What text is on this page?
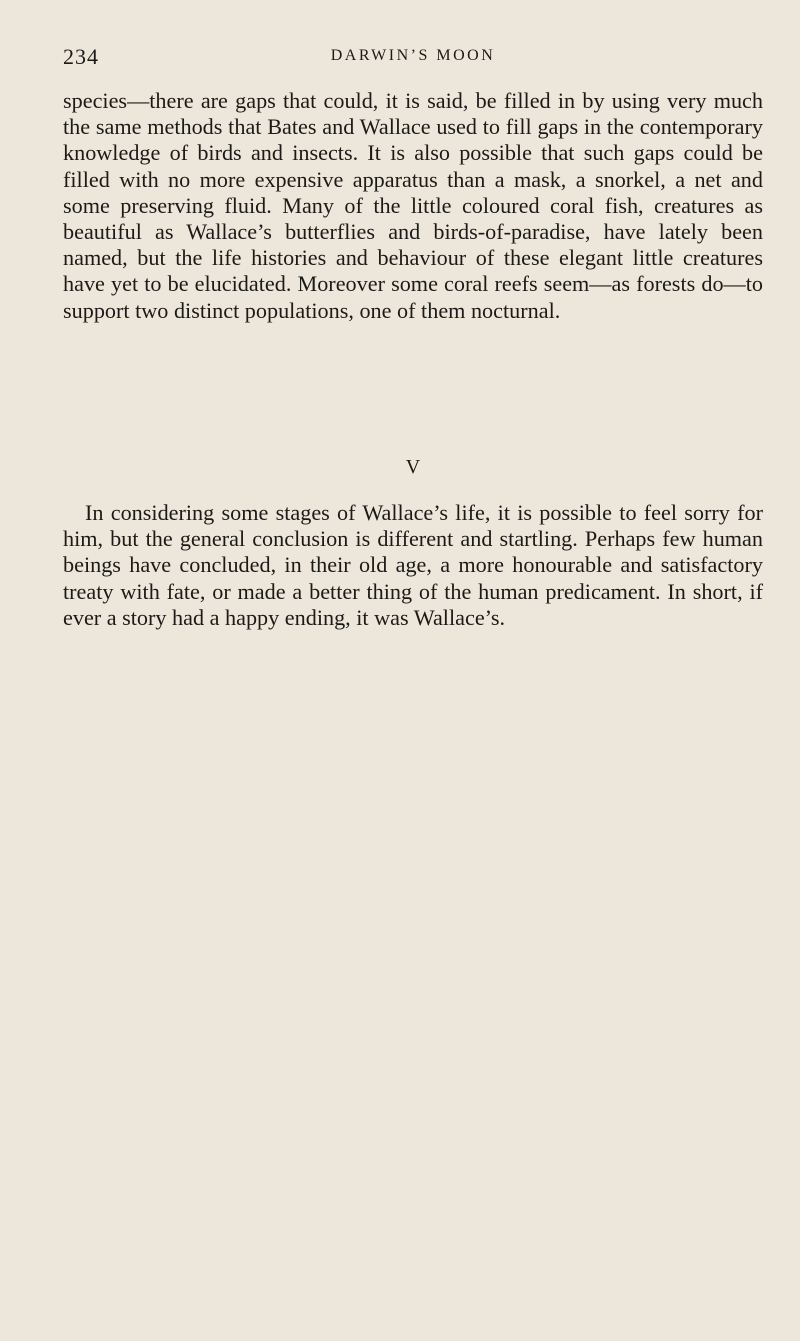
234	DARWIN’S MOON

species—there are gaps that could, it is said, be filled in by using very much the same methods that Bates and Wallace used to fill gaps in the contemporary knowledge of birds and insects. It is also possible that such gaps could be filled with no more expensive apparatus than a mask, a snorkel, a net and some preserving fluid. Many of the little coloured coral fish, creatures as beautiful as Wallace’s butterflies and birds-of-paradise, have lately been named, but the life histories and behaviour of these elegant little creatures have yet to be elucidated. Moreover some coral reefs seem—as forests do—to support two distinct populations, one of them nocturnal.

V

In considering some stages of Wallace’s life, it is possible to feel sorry for him, but the general conclusion is different and startling. Perhaps few human beings have concluded, in their old age, a more honourable and satisfactory treaty with fate, or made a better thing of the human predicament. In short, if ever a story had a happy ending, it was Wallace’s.
